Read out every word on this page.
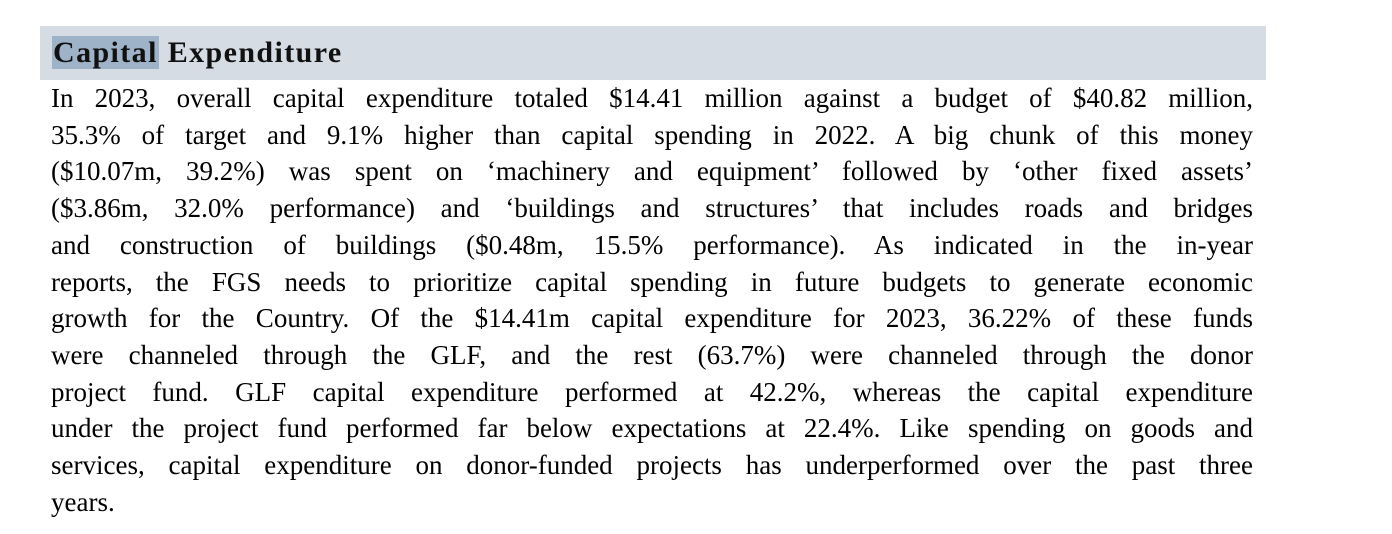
Capital Expenditure

In 2023, overall capital expenditure totaled $14.41 million against a budget of $40.82 million,
35.3% of target and 9.1% higher than capital spending in 2022. A big chunk of this money
($10.07m, 39.2%) was spent on ‘machinery and equipment’ followed by ‘other fixed assets’
($3.86m, 32.0% performance) and ‘buildings and structures’ that includes roads and bridges
and construction of buildings ($0.48m, 15.5% performance). As indicated in the in-year
reports, the FGS needs to prioritize capital spending in future budgets to generate economic
growth for the Country. Of the $14.41m capital expenditure for 2023, 36.22% of these funds
were channeled through the GLF, and the rest (63.7%) were channeled through the donor
project fund. GLF capital expenditure performed at 42.2%, whereas the capital expenditure
under the project fund performed far below expectations at 22.4%. Like spending on goods and
services, capital expenditure on donor-funded projects has underperformed over the past three
years.
